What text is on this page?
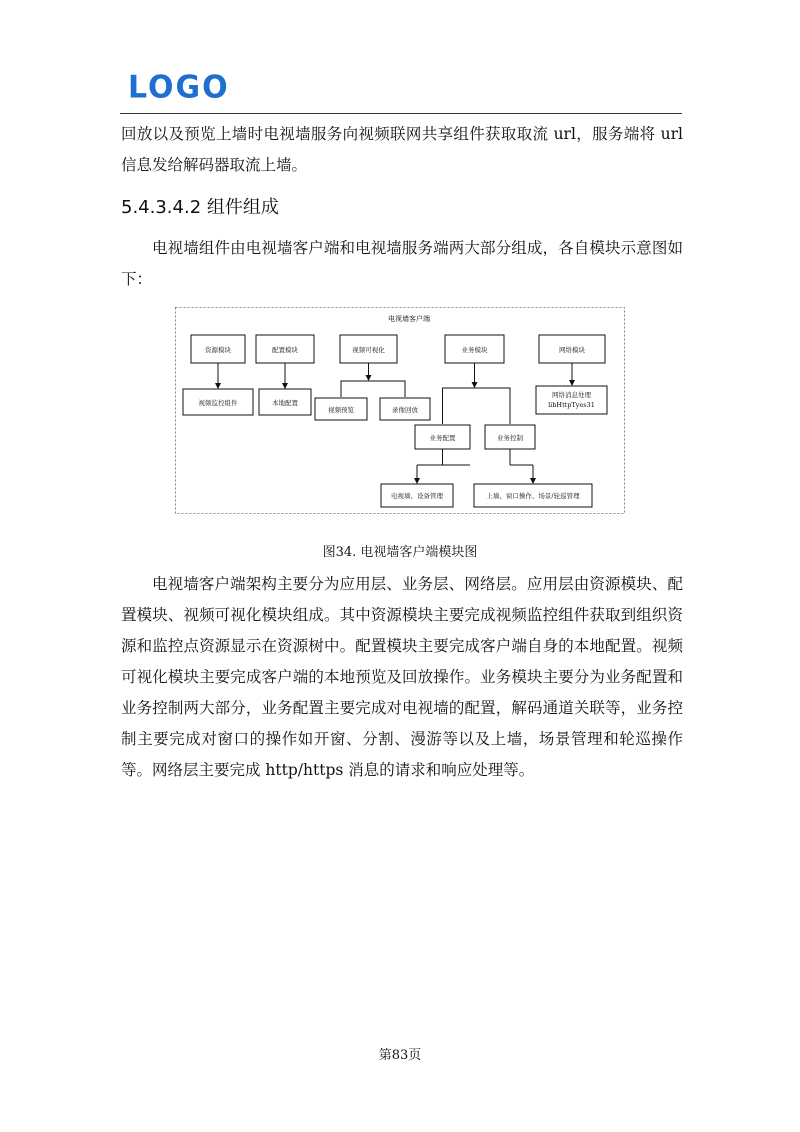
LOGO

回放以及预览上墙时电视墙服务向视频联网共享组件获取取流 url，服务端将 url 信息发给解码器取流上墙。

5.4.3.4.2 组件组成

电视墙组件由电视墙客户端和电视墙服务端两大部分组成，各自模块示意图如下：

电视墙客户端
资源模块	配置模块	视频可视化	业务模块	网络模块
视频监控组件	本地配置
视频预览	录像回放
网络消息处理
libHttpTyes31
业务配置	业务控制
电视墙、设备管理	上墙、窗口操作、场景/轮巡管理
图34. 电视墙客户端模块图

电视墙客户端架构主要分为应用层、业务层、网络层。应用层由资源模块、配置模块、视频可视化模块组成。其中资源模块主要完成视频监控组件获取到组织资源和监控点资源显示在资源树中。配置模块主要完成客户端自身的本地配置。视频可视化模块主要完成客户端的本地预览及回放操作。业务模块主要分为业务配置和业务控制两大部分，业务配置主要完成对电视墙的配置，解码通道关联等，业务控制主要完成对窗口的操作如开窗、分割、漫游等以及上墙，场景管理和轮巡操作等。网络层主要完成 http/https 消息的请求和响应处理等。

第83页
